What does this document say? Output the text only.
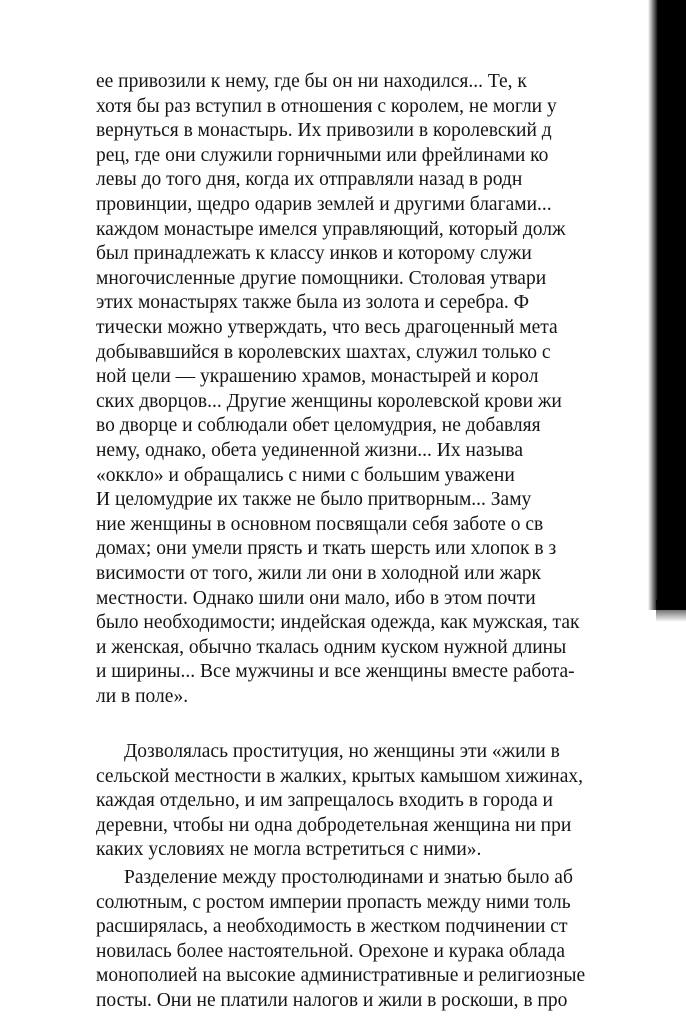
ее привозили к нему, где бы он ни находился... Те, к
хотя бы раз вступил в отношения с королем, не могли у
вернуться в монастырь. Их привозили в королевский д
рец, где они служили горничными или фрейлинами ко
левы до того дня, когда их отправляли назад в родн
провинции, щедро одарив землей и другими благами...
каждом монастыре имелся управляющий, который долж
был принадлежать к классу инков и которому служи
многочисленные другие помощники. Столовая утвари
этих монастырях также была из золота и серебра. Ф
тически можно утверждать, что весь драгоценный мета
добывавшийся в королевских шахтах, служил только с
ной цели — украшению храмов, монастырей и корол
ских дворцов... Другие женщины королевской крови жи
во дворце и соблюдали обет целомудрия, не добавляя
нему, однако, обета уединенной жизни... Их называ
«оккло» и обращались с ними с большим уважени
И целомудрие их также не было притворным... Заму
ние женщины в основном посвящали себя заботе о св
домах; они умели прясть и ткать шерсть или хлопок в з
висимости от того, жили ли они в холодной или жарк
местности. Однако шили они мало, ибо в этом почти
было необходимости; индейская одежда, как мужская, так
и женская, обычно ткалась одним куском нужной длины
и ширины... Все мужчины и все женщины вместе работа-
ли в поле».
Дозволялась проституция, но женщины эти «жили в
сельской местности в жалких, крытых камышом хижинах,
каждая отдельно, и им запрещалось входить в города и
деревни, чтобы ни одна добродетельная женщина ни при
каких условиях не могла встретиться с ними».
Разделение между простолюдинами и знатью было аб
солютным, с ростом империи пропасть между ними толь
расширялась, а необходимость в жестком подчинении ст
новилась более настоятельной. Орехоне и курака облада
монополией на высокие административные и религиозные
посты. Они не платили налогов и жили в роскоши, в про
